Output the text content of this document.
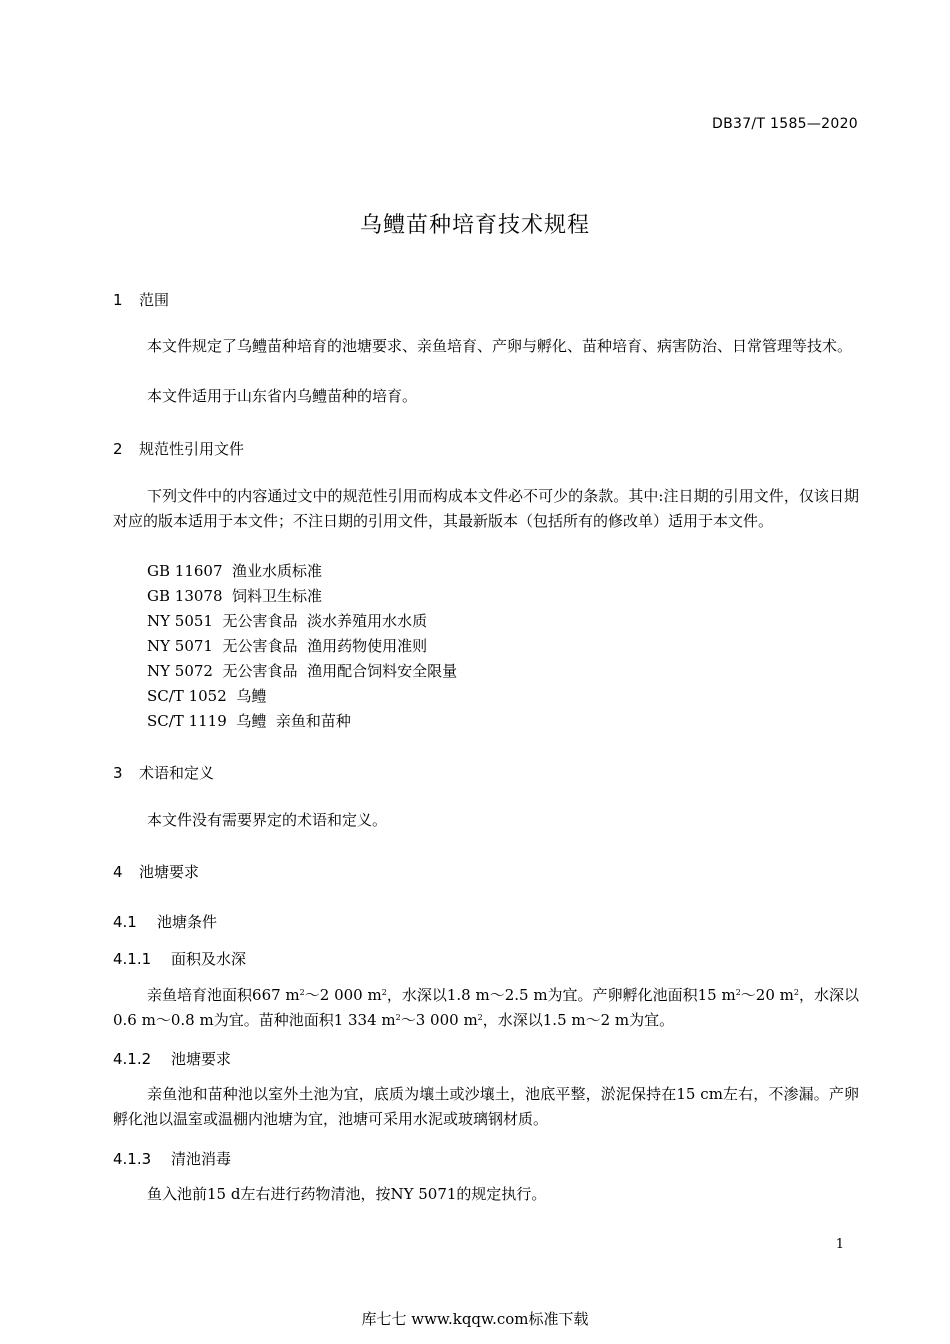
DB37/T 1585—2020
乌鳢苗种培育技术规程
1 范围
本文件规定了乌鳢苗种培育的池塘要求、亲鱼培育、产卵与孵化、苗种培育、病害防治、日常管理等技术。
本文件适用于山东省内乌鳢苗种的培育。
2 规范性引用文件
下列文件中的内容通过文中的规范性引用而构成本文件必不可少的条款。其中:注日期的引用文件，仅该日期对应的版本适用于本文件；不注日期的引用文件，其最新版本（包括所有的修改单）适用于本文件。
GB 11607 渔业水质标准
GB 13078 饲料卫生标准
NY 5051 无公害食品  淡水养殖用水水质
NY 5071 无公害食品  渔用药物使用准则
NY 5072 无公害食品  渔用配合饲料安全限量
SC/T 1052 乌鳢
SC/T 1119 乌鳢  亲鱼和苗种
3 术语和定义
本文件没有需要界定的术语和定义。
4 池塘要求
4.1 池塘条件
4.1.1 面积及水深
亲鱼培育池面积667 $m^2\sim 2$ 000 $m^2$，水深以1.8 m～2.5 m为宜。产卵孵化池面积15 $m^2\sim 20$ $m^2$，水深以0.6 m～0.8 m为宜。苗种池面积1 334 $m^2\sim 3$ 000 $m^2$，水深以1.5 m～2 m为宜。
4.1.2 池塘要求
亲鱼池和苗种池以室外土池为宜，底质为壤土或沙壤土，池底平整，淤泥保持在15 cm左右，不渗漏。产卵孵化池以温室或温棚内池塘为宜，池塘可采用水泥或玻璃钢材质。
4.1.3 清池消毒
鱼入池前15 d左右进行药物清池，按NY 5071的规定执行。
1
库七七 www.kqqw.com标准下载
